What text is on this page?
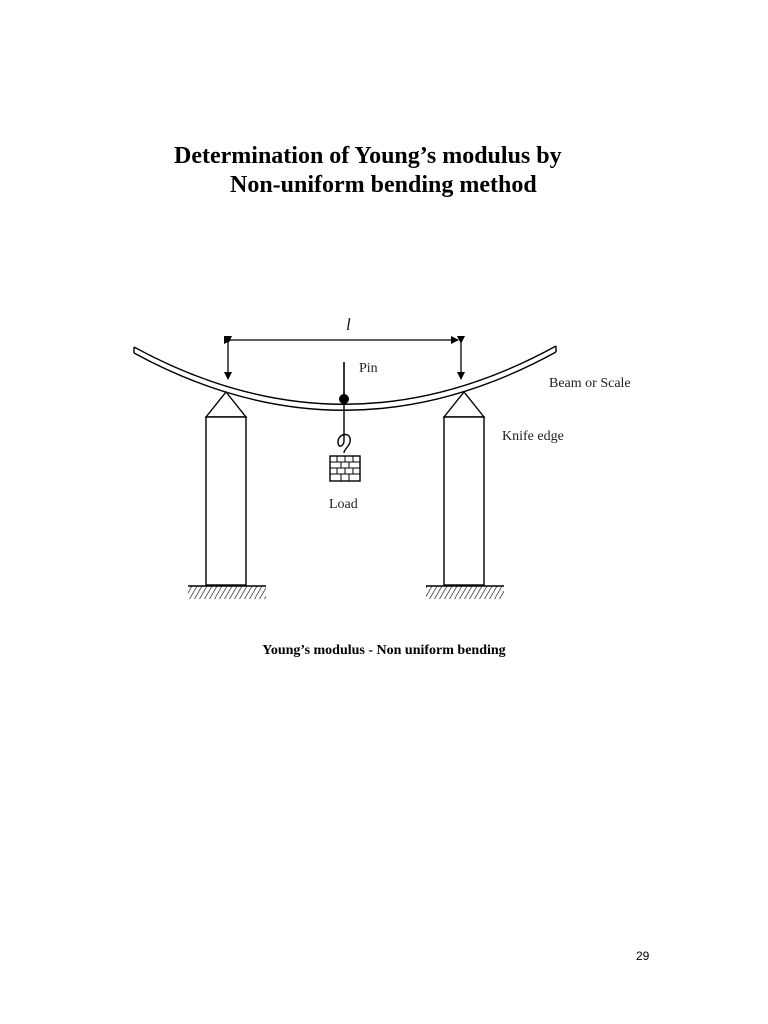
Determination of Young’s modulus by
Non-uniform bending method
l
Pin
Load
Beam or Scale
Knife edge
Young’s modulus - Non uniform bending
29
